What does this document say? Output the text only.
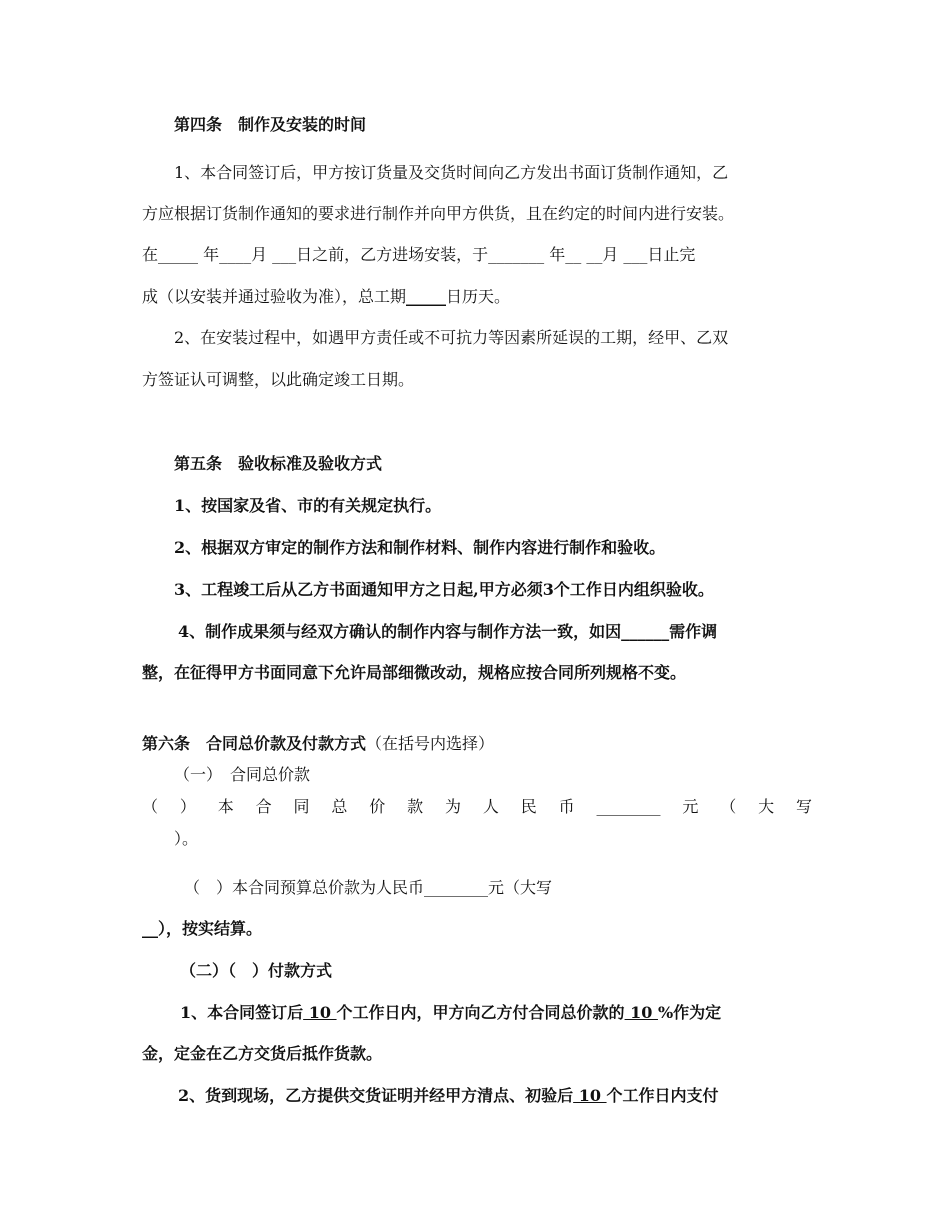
第四条　制作及安装的时间
1、本合同签订后，甲方按订货量及交货时间向乙方发出书面订货制作通知，乙
方应根据订货制作通知的要求进行制作并向甲方供货，且在约定的时间内进行安装。
在_____ 年____月 ___日之前，乙方进场安装，于_______ 年__ __月 ___日止完
成（以安装并通过验收为准），总工期_____日历天。
2、在安装过程中，如遇甲方责任或不可抗力等因素所延误的工期，经甲、乙双
方签证认可调整，以此确定竣工日期。
第五条　验收标准及验收方式
1、按国家及省、市的有关规定执行。
2、根据双方审定的制作方法和制作材料、制作内容进行制作和验收。
3、工程竣工后从乙方书面通知甲方之日起,甲方必须3个工作日内组织验收。
4、制作成果须与经双方确认的制作内容与制作方法一致，如因______需作调
整，在征得甲方书面同意下允许局部细微改动，规格应按合同所列规格不变。
第六条　合同总价款及付款方式（在括号内选择）
（一）　合同总价款
（ ） 本 合 同 总 价 款 为 人 民 币 ________ 元 （ 大 写
）。
（　）本合同预算总价款为人民币________元（大写
__），按实结算。
（二）（　）付款方式
1、本合同签订后 10 个工作日内，甲方向乙方付合同总价款的 10 %作为定
金，定金在乙方交货后抵作货款。
2、货到现场，乙方提供交货证明并经甲方清点、初验后 10 个工作日内支付
